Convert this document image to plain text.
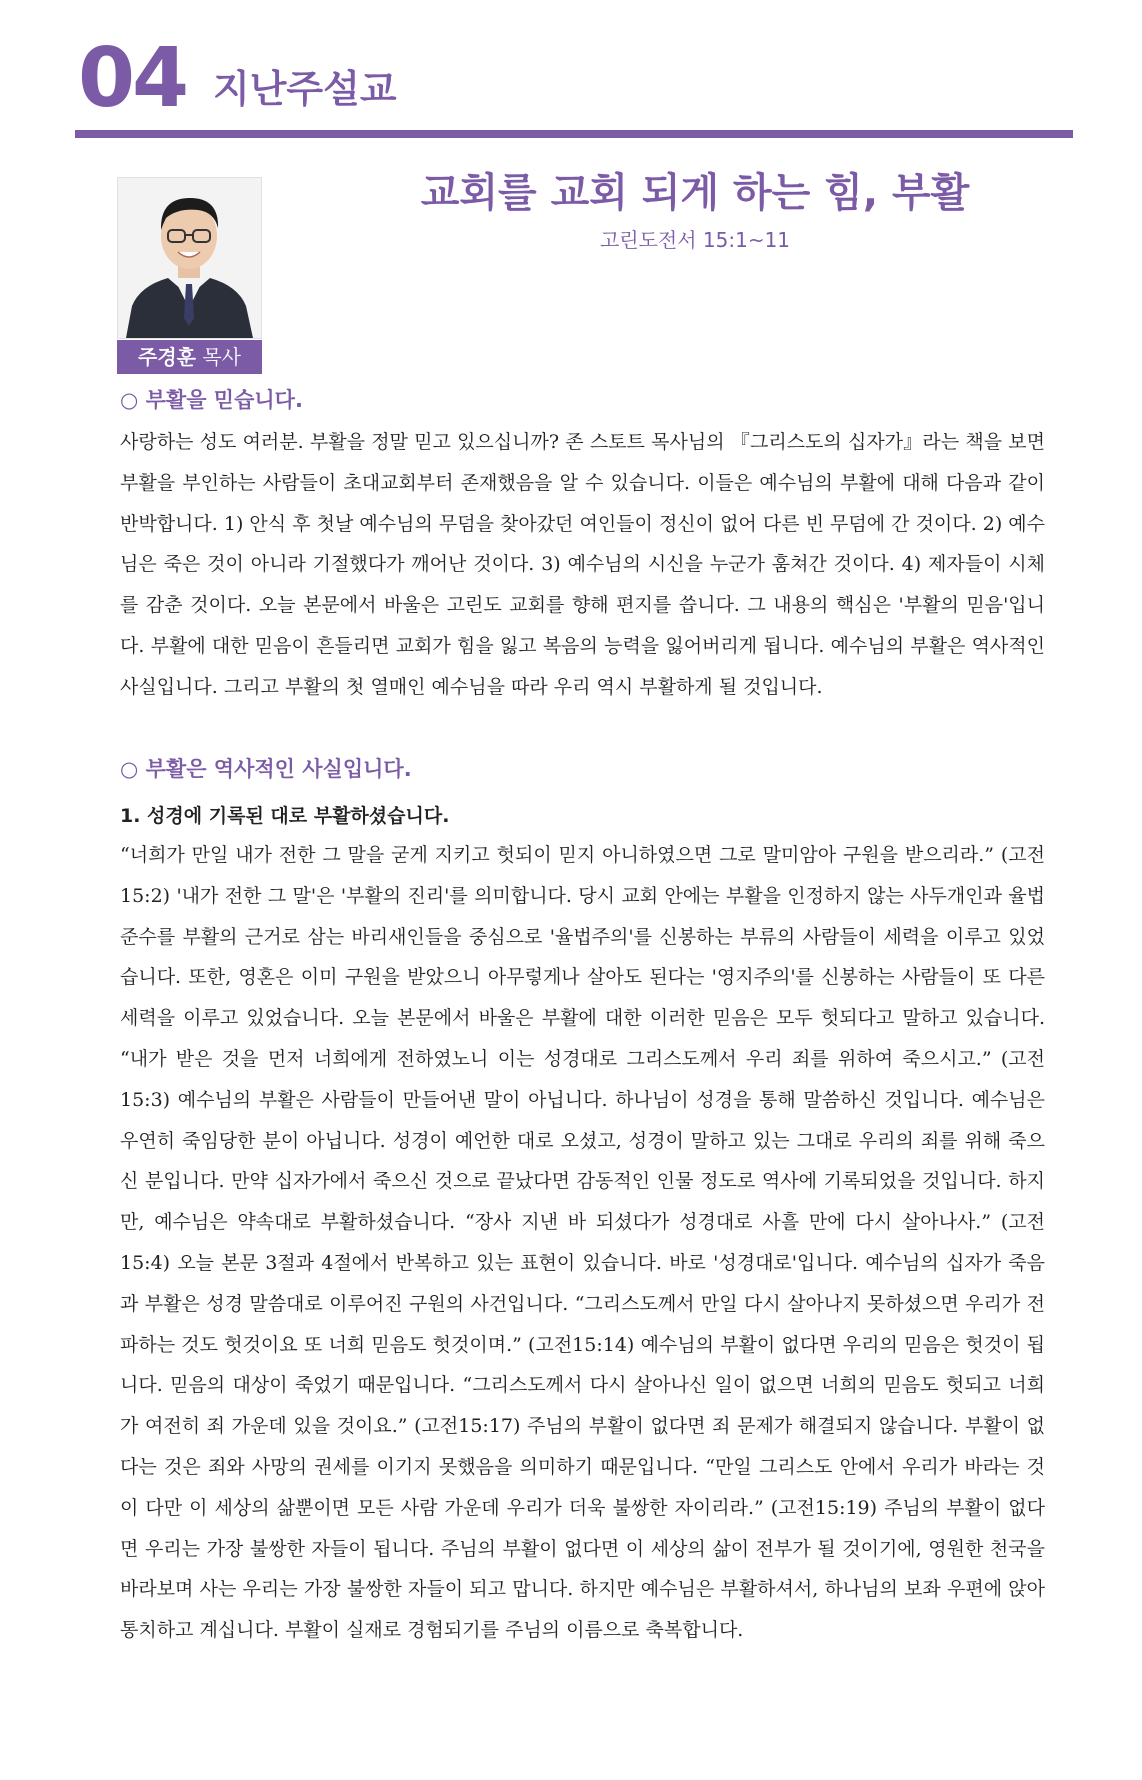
04 지난주설교
주경훈 목사
교회를 교회 되게 하는 힘, 부활
고린도전서 15:1~11
○ 부활을 믿습니다.

사랑하는 성도 여러분. 부활을 정말 믿고 있으십니까? 존 스토트 목사님의 『그리스도의 십자가』라는 책을 보면 부활을 부인하는 사람들이 초대교회부터 존재했음을 알 수 있습니다. 이들은 예수님의 부활에 대해 다음과 같이 반박합니다. 1) 안식 후 첫날 예수님의 무덤을 찾아갔던 여인들이 정신이 없어 다른 빈 무덤에 간 것이다. 2) 예수님은 죽은 것이 아니라 기절했다가 깨어난 것이다. 3) 예수님의 시신을 누군가 훔쳐간 것이다. 4) 제자들이 시체를 감춘 것이다. 오늘 본문에서 바울은 고린도 교회를 향해 편지를 씁니다. 그 내용의 핵심은 '부활의 믿음'입니다. 부활에 대한 믿음이 흔들리면 교회가 힘을 잃고 복음의 능력을 잃어버리게 됩니다. 예수님의 부활은 역사적인 사실입니다. 그리고 부활의 첫 열매인 예수님을 따라 우리 역시 부활하게 될 것입니다.

○ 부활은 역사적인 사실입니다.
1. 성경에 기록된 대로 부활하셨습니다.

“너희가 만일 내가 전한 그 말을 굳게 지키고 헛되이 믿지 아니하였으면 그로 말미암아 구원을 받으리라.” (고전15:2) '내가 전한 그 말'은 '부활의 진리'를 의미합니다. 당시 교회 안에는 부활을 인정하지 않는 사두개인과 율법준수를 부활의 근거로 삼는 바리새인들을 중심으로 '율법주의'를 신봉하는 부류의 사람들이 세력을 이루고 있었습니다. 또한, 영혼은 이미 구원을 받았으니 아무렇게나 살아도 된다는 '영지주의'를 신봉하는 사람들이 또 다른 세력을 이루고 있었습니다. 오늘 본문에서 바울은 부활에 대한 이러한 믿음은 모두 헛되다고 말하고 있습니다. “내가 받은 것을 먼저 너희에게 전하였노니 이는 성경대로 그리스도께서 우리 죄를 위하여 죽으시고.” (고전15:3) 예수님의 부활은 사람들이 만들어낸 말이 아닙니다. 하나님이 성경을 통해 말씀하신 것입니다. 예수님은 우연히 죽임당한 분이 아닙니다. 성경이 예언한 대로 오셨고, 성경이 말하고 있는 그대로 우리의 죄를 위해 죽으신 분입니다. 만약 십자가에서 죽으신 것으로 끝났다면 감동적인 인물 정도로 역사에 기록되었을 것입니다. 하지만, 예수님은 약속대로 부활하셨습니다. “장사 지낸 바 되셨다가 성경대로 사흘 만에 다시 살아나사.” (고전15:4) 오늘 본문 3절과 4절에서 반복하고 있는 표현이 있습니다. 바로 '성경대로'입니다. 예수님의 십자가 죽음과 부활은 성경 말씀대로 이루어진 구원의 사건입니다. “그리스도께서 만일 다시 살아나지 못하셨으면 우리가 전파하는 것도 헛것이요 또 너희 믿음도 헛것이며.” (고전15:14) 예수님의 부활이 없다면 우리의 믿음은 헛것이 됩니다. 믿음의 대상이 죽었기 때문입니다. “그리스도께서 다시 살아나신 일이 없으면 너희의 믿음도 헛되고 너희가 여전히 죄 가운데 있을 것이요.” (고전15:17) 주님의 부활이 없다면 죄 문제가 해결되지 않습니다. 부활이 없다는 것은 죄와 사망의 권세를 이기지 못했음을 의미하기 때문입니다. “만일 그리스도 안에서 우리가 바라는 것이 다만 이 세상의 삶뿐이면 모든 사람 가운데 우리가 더욱 불쌍한 자이리라.” (고전15:19) 주님의 부활이 없다면 우리는 가장 불쌍한 자들이 됩니다. 주님의 부활이 없다면 이 세상의 삶이 전부가 될 것이기에, 영원한 천국을 바라보며 사는 우리는 가장 불쌍한 자들이 되고 맙니다. 하지만 예수님은 부활하셔서, 하나님의 보좌 우편에 앉아 통치하고 계십니다. 부활이 실재로 경험되기를 주님의 이름으로 축복합니다.
